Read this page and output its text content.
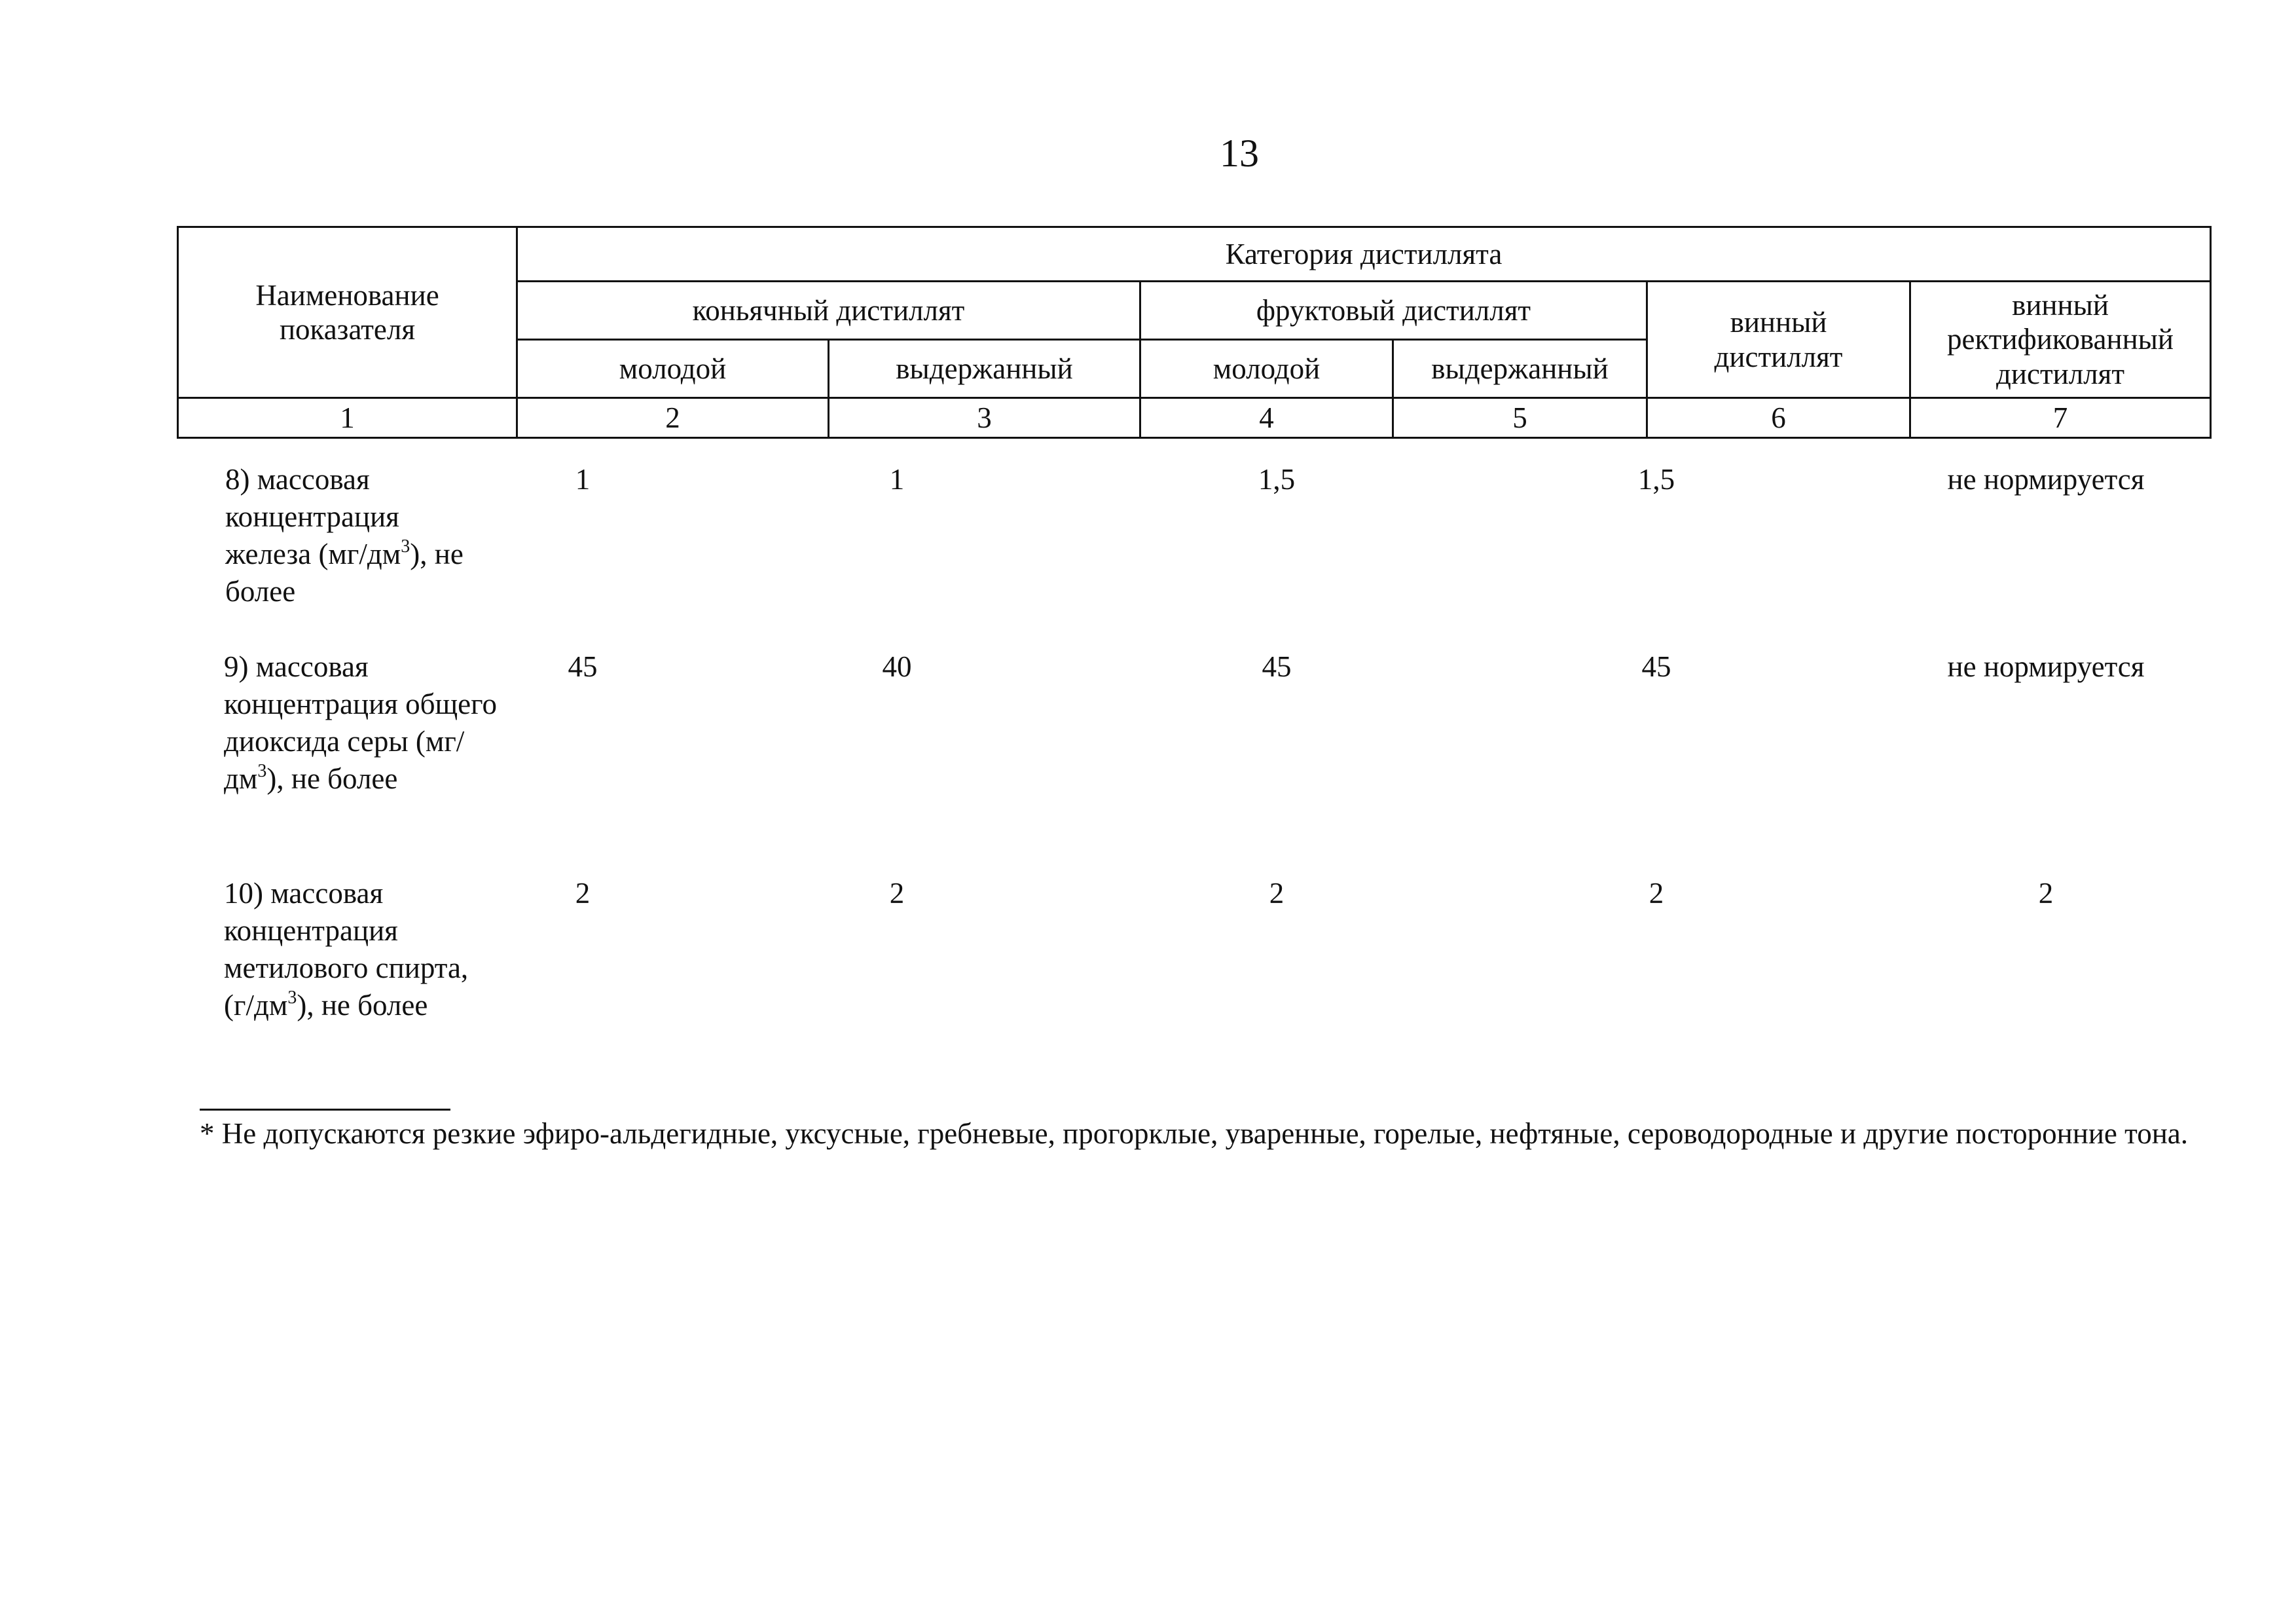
13
Наименование показателя	Категория дистиллята					
	коньячный дистиллят		фруктовый дистиллят		винный дистиллят	винный ректификованный дистиллят
	молодой	выдержанный	молодой	выдержанный		
1	2	3	4	5	6	7
8) массовая концентрация железа $(мг/дм^3)$, не более
1	1	1,5	1,5	не нормируется
9) массовая концентрация общего диоксида серы $(мг/дм^3)$, не более
45	40	45	45	не нормируется
10) массовая концентрация метилового спирта, $(г/дм^3)$, не более
2	2	2	2	2
* Не допускаются резкие эфиро-альдегидные, уксусные, гребневые, прогорклые, уваренные, горелые, нефтяные, сероводородные и другие посторонние тона.
